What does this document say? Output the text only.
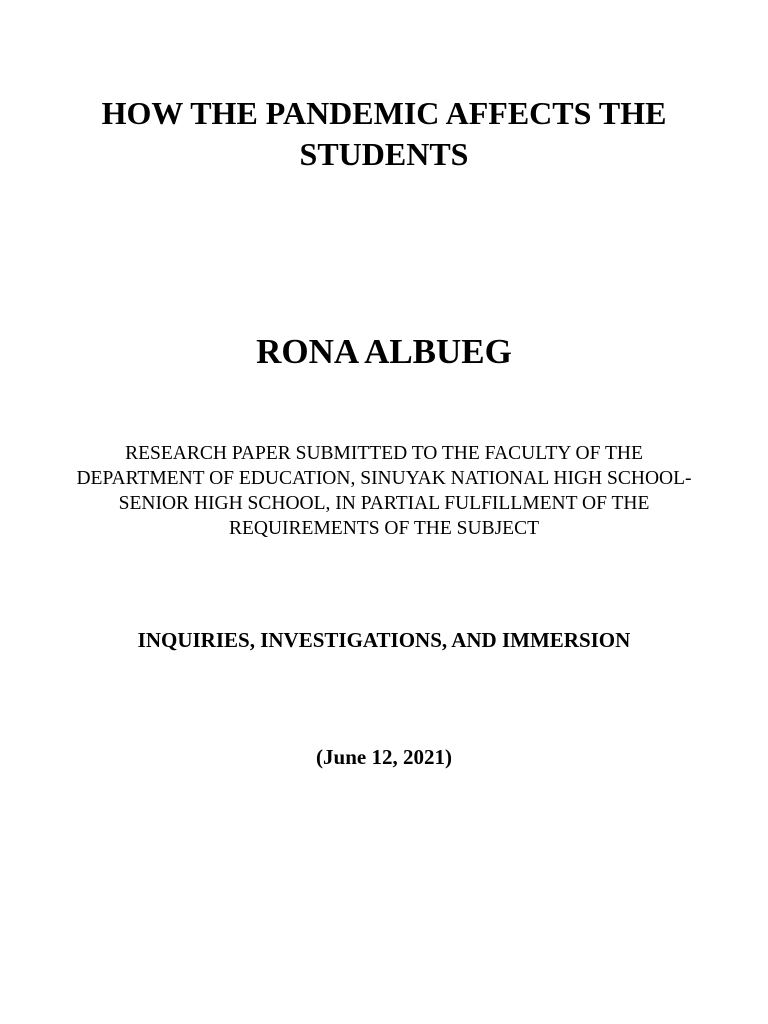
HOW THE PANDEMIC AFFECTS THE STUDENTS
RONA ALBUEG

RESEARCH PAPER SUBMITTED TO THE FACULTY OF THE DEPARTMENT OF EDUCATION, SINUYAK NATIONAL HIGH SCHOOL- SENIOR HIGH SCHOOL, IN PARTIAL FULFILLMENT OF THE REQUIREMENTS OF THE SUBJECT

INQUIRIES, INVESTIGATIONS, AND IMMERSION

(June 12, 2021)
